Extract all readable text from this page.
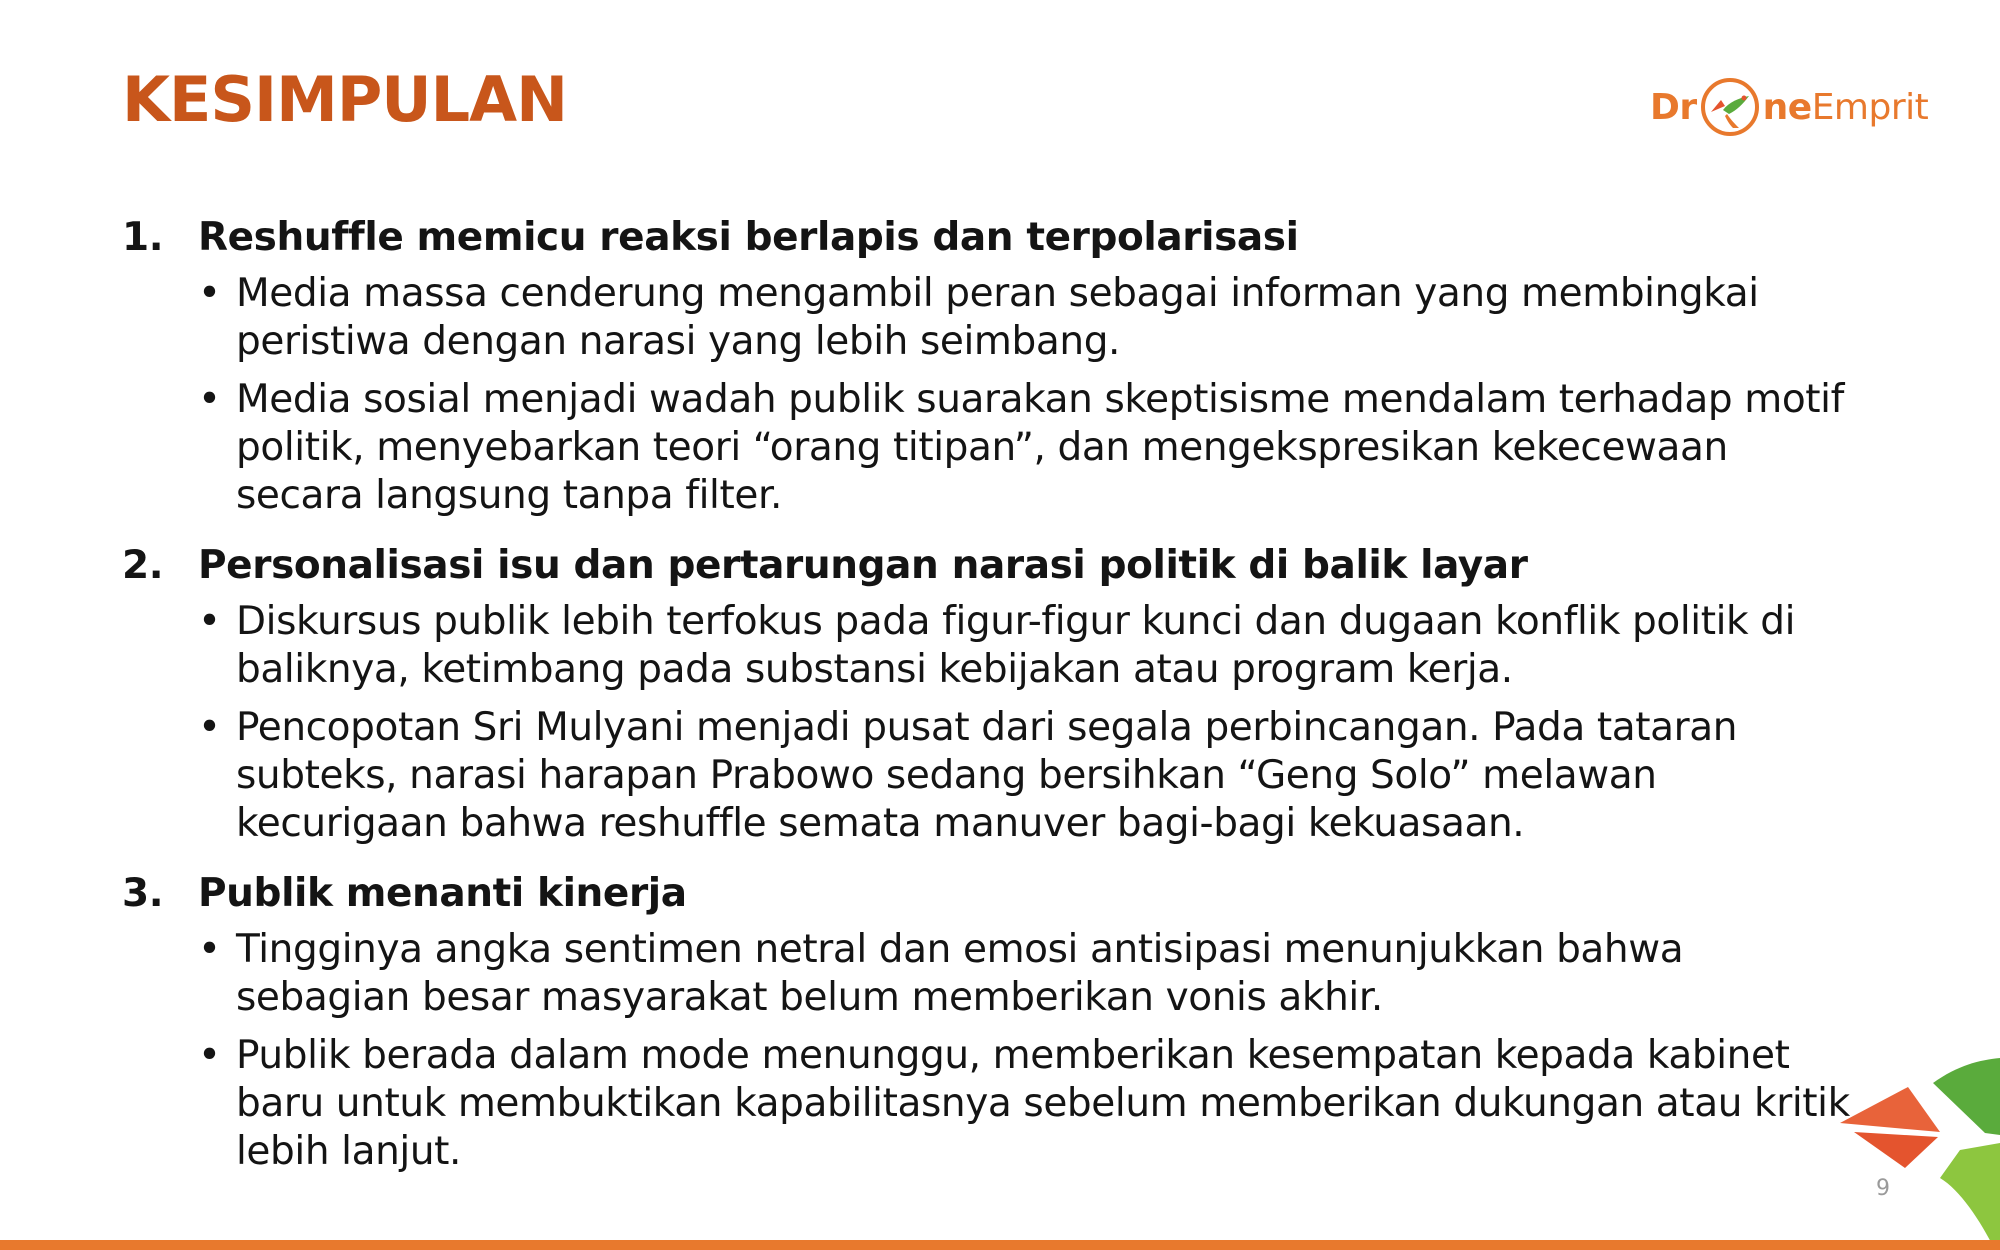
KESIMPULAN	Dr ne Emprit
1. Reshuffle memicu reaksi berlapis dan terpolarisasi
• Media massa cenderung mengambil peran sebagai informan yang membingkai peristiwa dengan narasi yang lebih seimbang.
• Media sosial menjadi wadah publik suarakan skeptisisme mendalam terhadap motif politik, menyebarkan teori “orang titipan”, dan mengekspresikan kekecewaan secara langsung tanpa filter.
2. Personalisasi isu dan pertarungan narasi politik di balik layar
• Diskursus publik lebih terfokus pada figur-figur kunci dan dugaan konflik politik di baliknya, ketimbang pada substansi kebijakan atau program kerja.
• Pencopotan Sri Mulyani menjadi pusat dari segala perbincangan. Pada tataran subteks, narasi harapan Prabowo sedang bersihkan “Geng Solo” melawan kecurigaan bahwa reshuffle semata manuver bagi-bagi kekuasaan.
3. Publik menanti kinerja
• Tingginya angka sentimen netral dan emosi antisipasi menunjukkan bahwa sebagian besar masyarakat belum memberikan vonis akhir.
• Publik berada dalam mode menunggu, memberikan kesempatan kepada kabinet baru untuk membuktikan kapabilitasnya sebelum memberikan dukungan atau kritik lebih lanjut.
9
